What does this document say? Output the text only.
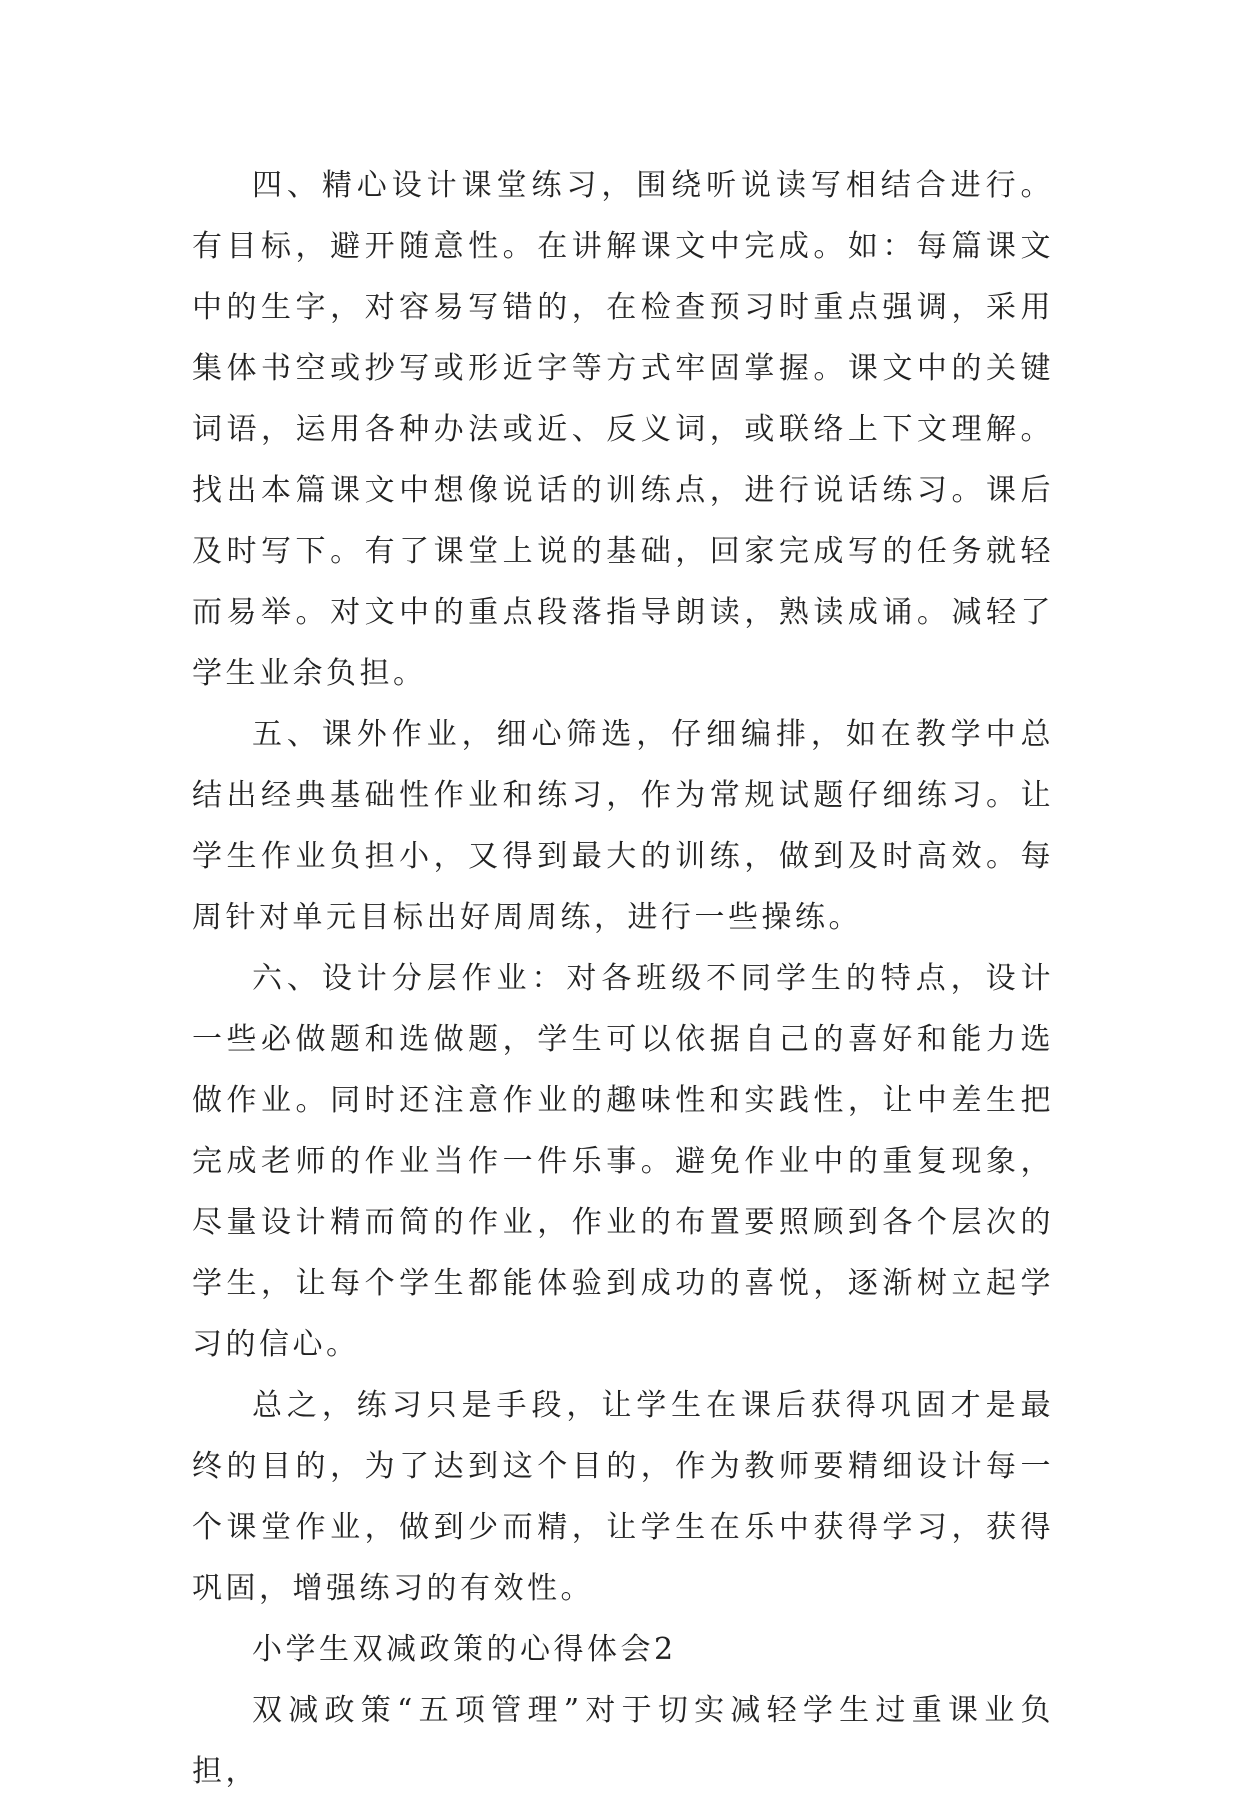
四、精心设计课堂练习，围绕听说读写相结合进行。有目标，避开随意性。在讲解课文中完成。如：每篇课文中的生字，对容易写错的，在检查预习时重点强调，采用集体书空或抄写或形近字等方式牢固掌握。课文中的关键词语，运用各种办法或近、反义词，或联络上下文理解。找出本篇课文中想像说话的训练点，进行说话练习。课后及时写下。有了课堂上说的基础，回家完成写的任务就轻而易举。对文中的重点段落指导朗读，熟读成诵。减轻了学生业余负担。

五、课外作业，细心筛选，仔细编排，如在教学中总结出经典基础性作业和练习，作为常规试题仔细练习。让学生作业负担小，又得到最大的训练，做到及时高效。每周针对单元目标出好周周练，进行一些操练。

六、设计分层作业：对各班级不同学生的特点，设计一些必做题和选做题，学生可以依据自己的喜好和能力选做作业。同时还注意作业的趣味性和实践性，让中差生把完成老师的作业当作一件乐事。避免作业中的重复现象，尽量设计精而简的作业，作业的布置要照顾到各个层次的学生，让每个学生都能体验到成功的喜悦，逐渐树立起学习的信心。

总之，练习只是手段，让学生在课后获得巩固才是最终的目的，为了达到这个目的，作为教师要精细设计每一个课堂作业，做到少而精，让学生在乐中获得学习，获得巩固，增强练习的有效性。

小学生双减政策的心得体会2

双减政策“五项管理”对于切实减轻学生过重课业负担，
